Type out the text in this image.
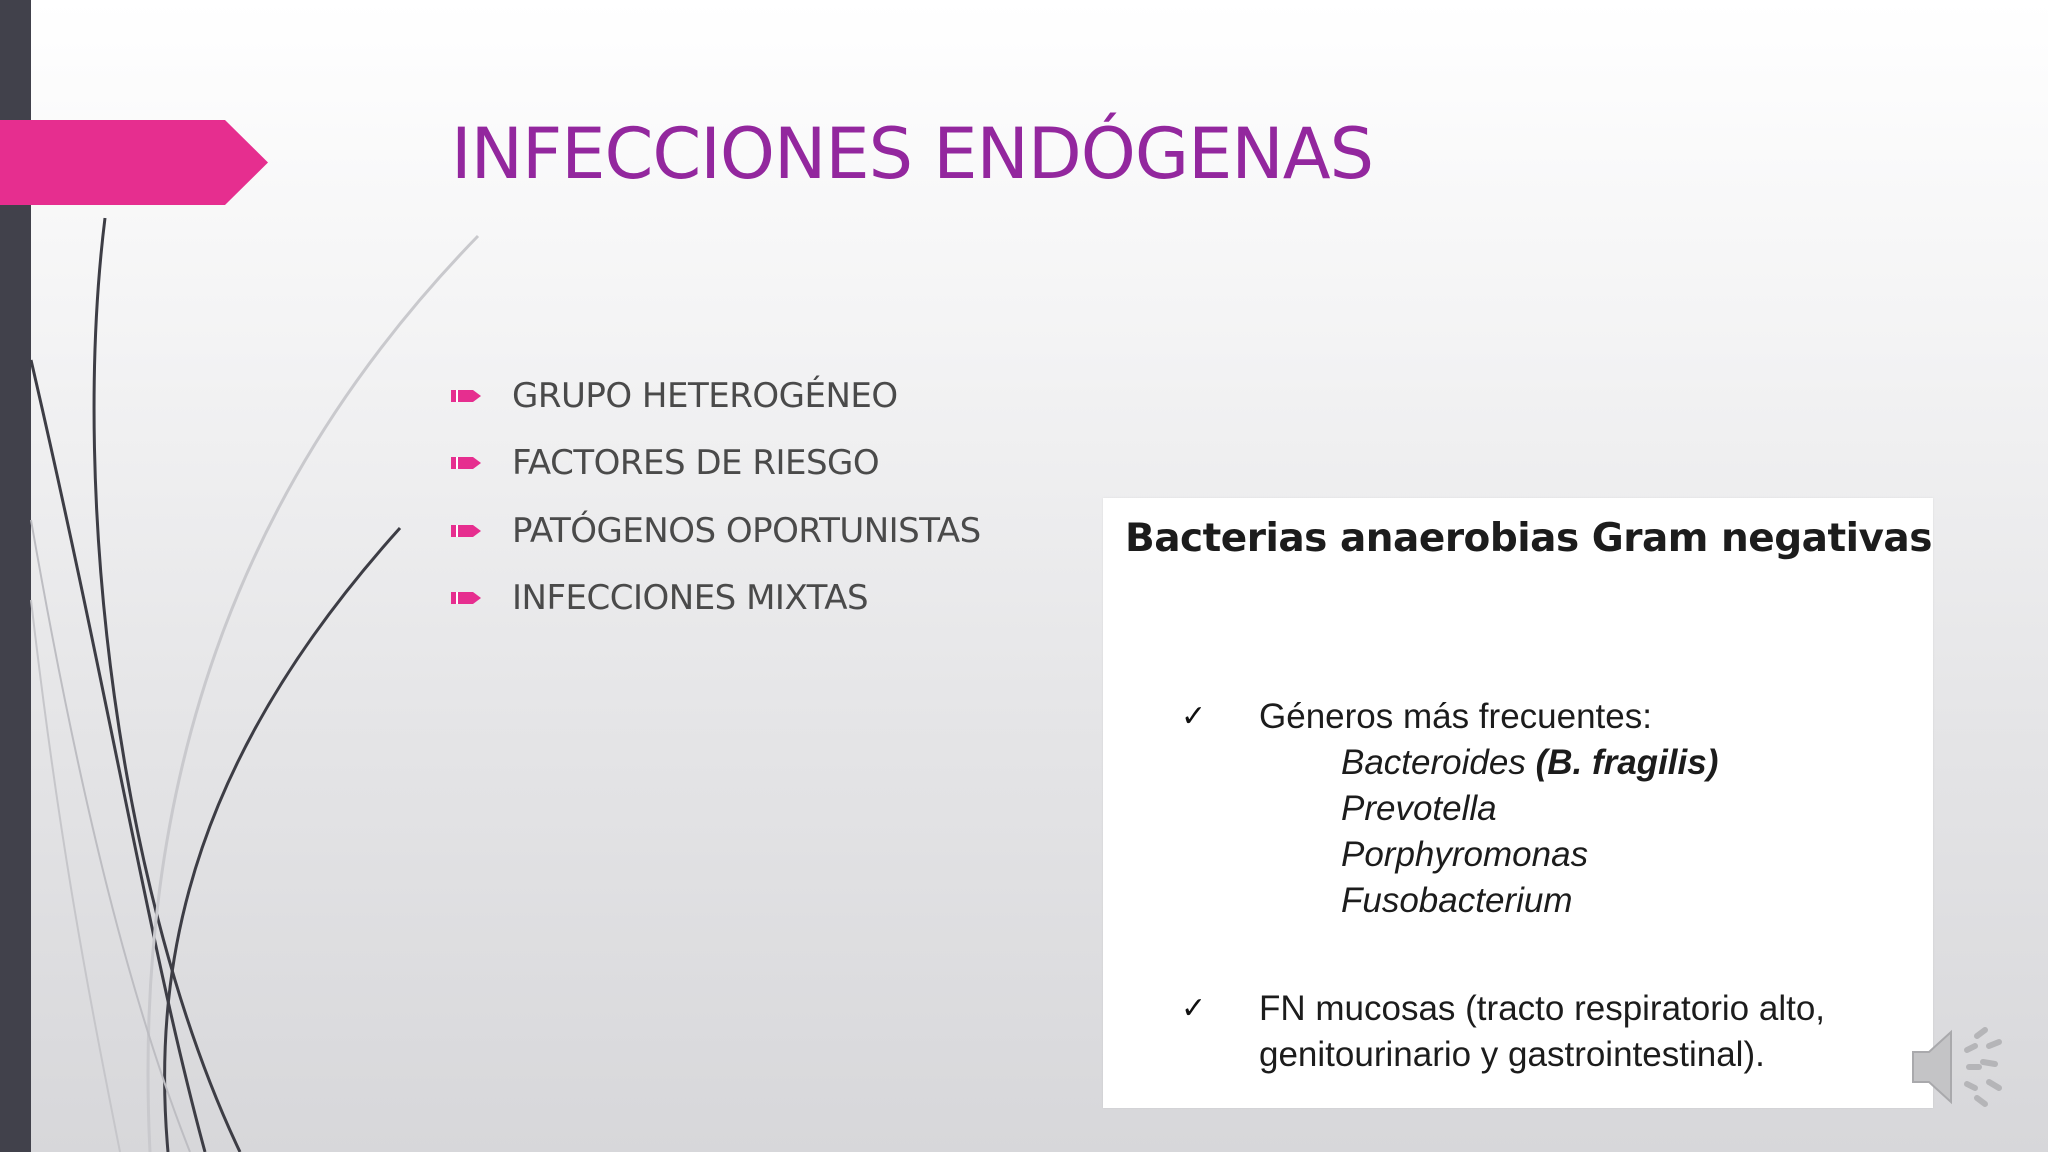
INFECCIONES ENDÓGENAS
GRUPO HETEROGÉNEO
FACTORES DE RIESGO
PATÓGENOS OPORTUNISTAS
INFECCIONES MIXTAS
Bacterias anaerobias Gram negativas
✓	Géneros más frecuentes:
Bacteroides (B. fragilis)
Prevotella
Porphyromonas
Fusobacterium
✓	FN mucosas (tracto respiratorio alto,
genitourinario y gastrointestinal).
